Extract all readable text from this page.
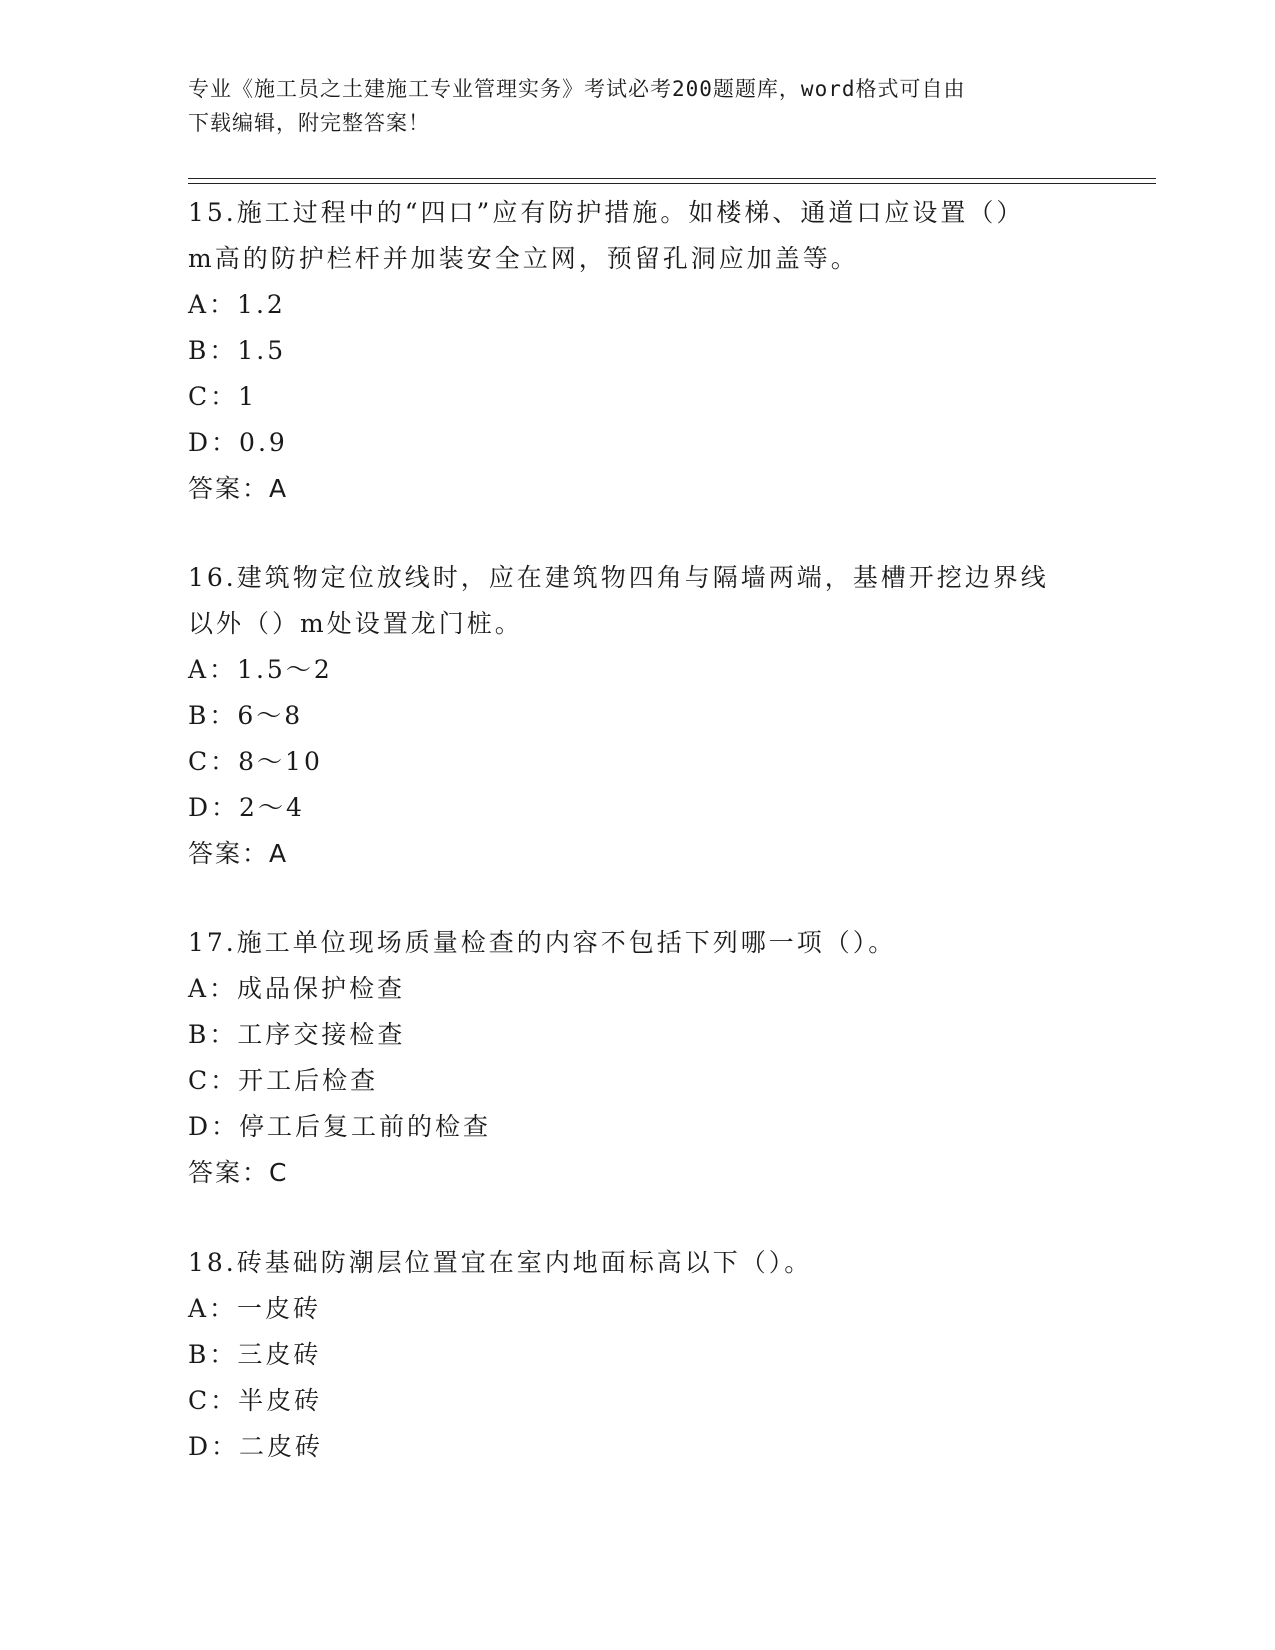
专业《施工员之土建施工专业管理实务》考试必考200题题库，word格式可自由
下载编辑，附完整答案！
15.施工过程中的“四口”应有防护措施。如楼梯、通道口应设置（）
m高的防护栏杆并加装安全立网，预留孔洞应加盖等。
A：1.2
B：1.5
C：1
D：0.9
答案：A
16.建筑物定位放线时，应在建筑物四角与隔墙两端，基槽开挖边界线
以外（）m处设置龙门桩。
A：1.5～2
B：6～8
C：8～10
D：2～4
答案：A
17.施工单位现场质量检查的内容不包括下列哪一项（）。
A：成品保护检查
B：工序交接检查
C：开工后检查
D：停工后复工前的检查
答案：C
18.砖基础防潮层位置宜在室内地面标高以下（）。
A：一皮砖
B：三皮砖
C：半皮砖
D：二皮砖
